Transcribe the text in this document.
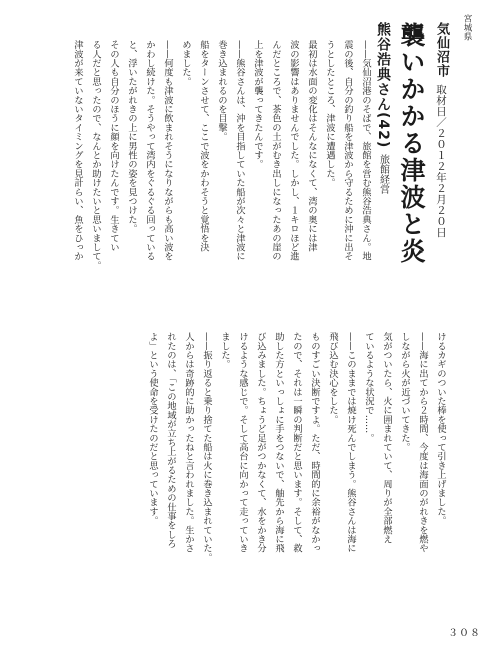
宮城県
気仙沼市
取材日／２０１２年２月２０日
襲いかかる津波と炎
熊谷浩典さん(42)
旅館経営
——気仙沼港のそばで、旅館を営む熊谷浩典さん。地
震の後、自分の釣り船を津波から守るために沖に出そ
うとしたところ、津波に遭遇した。
最初は水面の変化はそんなになくて、湾の奥には津
波の影響はありませんでした。しかし、１キロほど進
んだところで、茶色の土がむき出しになったあの崖の
上を津波が襲ってきたんです。
——熊谷さんは、沖を目指していた船が次々と津波に
巻き込まれるのを目撃。
船をターンさせて、ここで波をかわそうと覚悟を決
めました。
——何度も津波に飲まれそうになりながらも高い波を
かわし続けた。そうやって湾内をぐるぐる回っている
と、浮いたがれきの上に男性の姿を見つけた。
その人も自分のほうに顔を向けたんです。生きてい
る人だと思ったので、なんとか助けたいと思いまして。
津波が来ていないタイミングを見計らい、魚をひっか
けるカギのついた棒を使って引き上げました。
——海に出てから２時間、今度は海面のがれきを燃や
しながら火が近づいてきた。
気がついたら、火に囲まれていて、周りが全部燃え
ているような状況で……。
——このままでは焼け死んでしまう。熊谷さんは海に
飛び込む決心をした。
ものすごい決断ですよ。ただ、時間的に余裕がなかっ
たので、それは一瞬の判断だと思います。そして、救
助した方といっしょに手をつないで、舳先から海に飛
び込みました。ちょうど足がつかなくて、水をかき分
けるような感じで。そして高台に向かって走っていき
ました。
——振り返ると乗り捨てた船は火に巻き込まれていた。
人からは奇跡的に助かったねと言われました。生かさ
れたのは、「この地域が立ち上がるための仕事をしろ
よ」という使命を受けたのだと思っています。
３０８
